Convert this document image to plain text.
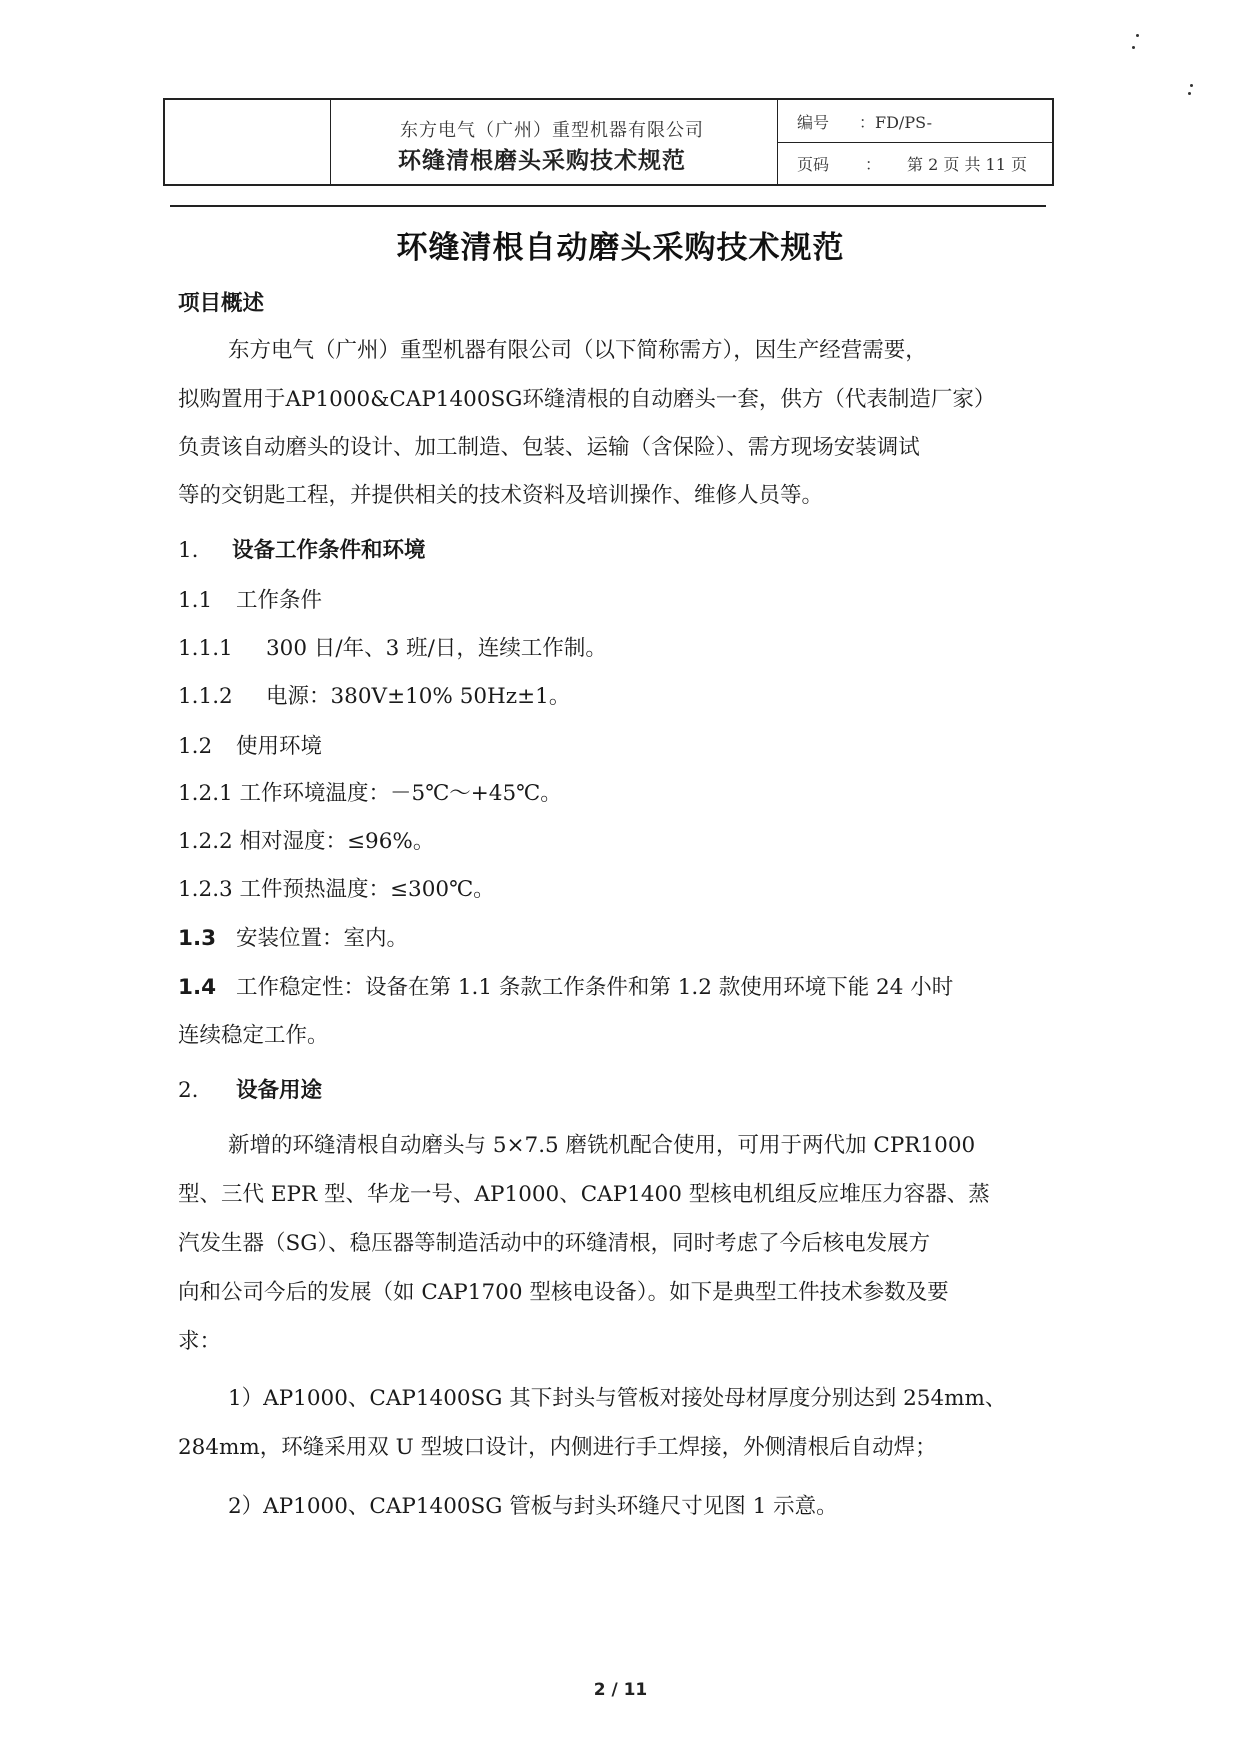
东方电气（广州）重型机器有限公司
环缝清根磨头采购技术规范
编号 ：FD/PS-
页码 ： 第 2 页 共 11 页
环缝清根自动磨头采购技术规范
项目概述
东方电气（广州）重型机器有限公司（以下简称需方），因生产经营需要，
拟购置用于AP1000&CAP1400SG环缝清根的自动磨头一套，供方（代表制造厂家）
负责该自动磨头的设计、加工制造、包装、运输（含保险）、需方现场安装调试
等的交钥匙工程，并提供相关的技术资料及培训操作、维修人员等。
1. 设备工作条件和环境
1.1 工作条件
1.1.1 300 日/年、3 班/日，连续工作制。
1.1.2 电源：380V±10% 50Hz±1。
1.2 使用环境
1.2.1 工作环境温度：－5℃～+45℃。
1.2.2 相对湿度：≤96%。
1.2.3 工件预热温度：≤300℃。
1.3 安装位置：室内。
1.4 工作稳定性：设备在第 1.1 条款工作条件和第 1.2 款使用环境下能 24 小时
连续稳定工作。
2. 设备用途
新增的环缝清根自动磨头与 5×7.5 磨铣机配合使用，可用于两代加 CPR1000
型、三代 EPR 型、华龙一号、AP1000、CAP1400 型核电机组反应堆压力容器、蒸
汽发生器（SG）、稳压器等制造活动中的环缝清根，同时考虑了今后核电发展方
向和公司今后的发展（如 CAP1700 型核电设备）。如下是典型工件技术参数及要
求：
1）AP1000、CAP1400SG 其下封头与管板对接处母材厚度分别达到 254mm、
284mm，环缝采用双 U 型坡口设计，内侧进行手工焊接，外侧清根后自动焊；
2）AP1000、CAP1400SG 管板与封头环缝尺寸见图 1 示意。
2 / 11
